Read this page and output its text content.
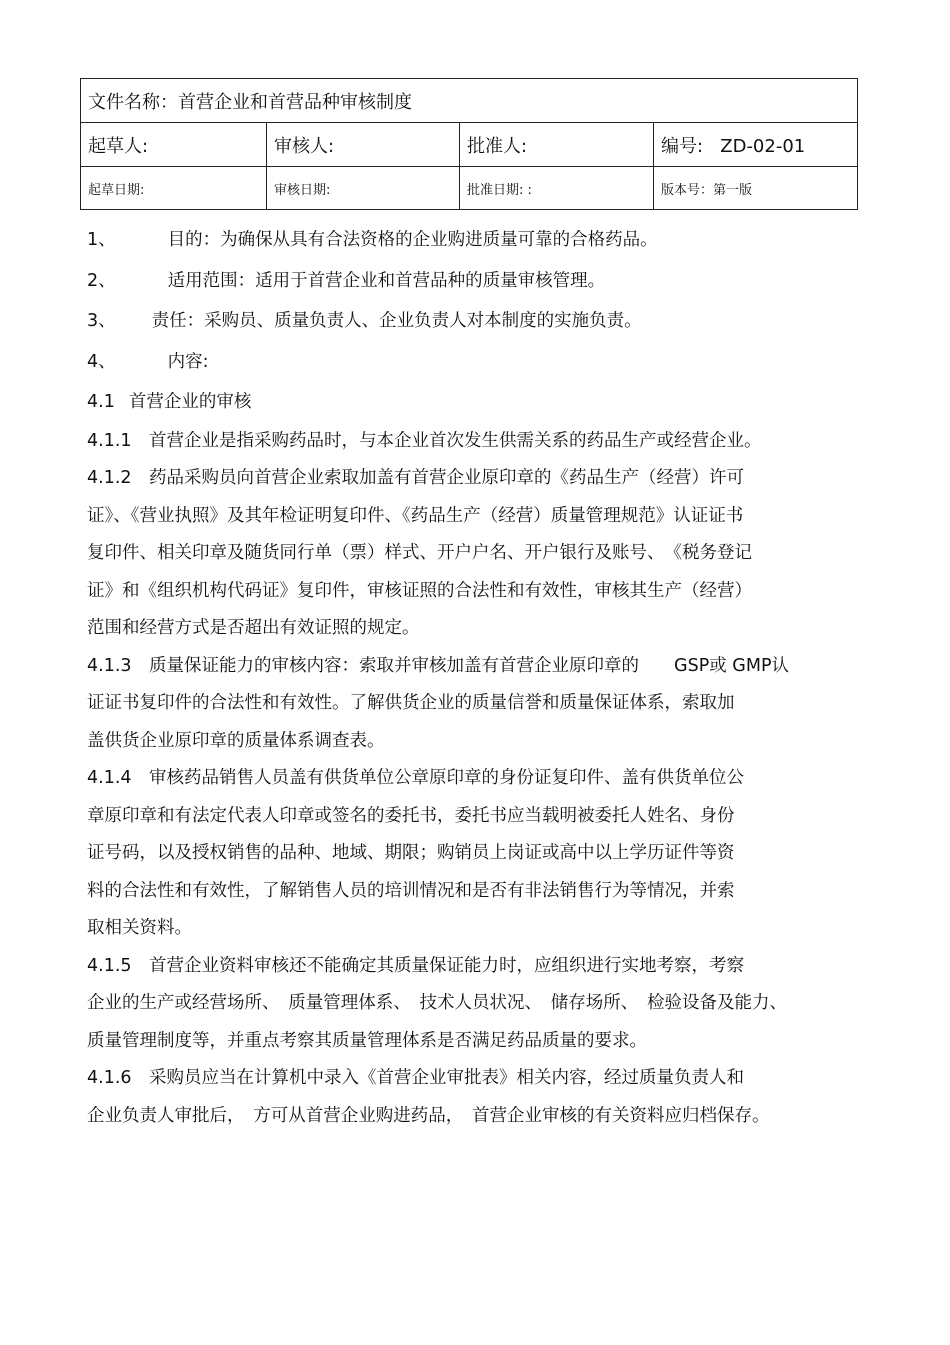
文件名称：首营企业和首营品种审核制度			
起草人:	审核人:	批准人:	编号: ZD-02-01
起草日期:	审核日期:	批准日期: :	版本号：第一版
1、	目的：为确保从具有合法资格的企业购进质量可靠的合格药品。
2、	适用范围：适用于首营企业和首营品种的质量审核管理。
3、 责任：采购员、质量负责人、企业负责人对本制度的实施负责。
4、	内容:
4.1 首营企业的审核
4.1.1　首营企业是指采购药品时，与本企业首次发生供需关系的药品生产或经营企业。
4.1.2　药品采购员向首营企业索取加盖有首营企业原印章的《药品生产（经营）许可
证》、《营业执照》及其年检证明复印件、《药品生产（经营）质量管理规范》认证证书
复印件、相关印章及随货同行单（票）样式、开户户名、开户银行及账号、　《税务登记
证》和《组织机构代码证》复印件，审核证照的合法性和有效性，审核其生产（经营）
范围和经营方式是否超出有效证照的规定。
4.1.3　质量保证能力的审核内容：索取并审核加盖有首营企业原印章的　　GSP或 GMP认
证证书复印件的合法性和有效性。了解供货企业的质量信誉和质量保证体系，索取加
盖供货企业原印章的质量体系调查表。
4.1.4　审核药品销售人员盖有供货单位公章原印章的身份证复印件、盖有供货单位公
章原印章和有法定代表人印章或签名的委托书，委托书应当载明被委托人姓名、身份
证号码，以及授权销售的品种、地域、期限；购销员上岗证或高中以上学历证件等资
料的合法性和有效性，了解销售人员的培训情况和是否有非法销售行为等情况，并索
取相关资料。
4.1.5　首营企业资料审核还不能确定其质量保证能力时，应组织进行实地考察，考察
企业的生产或经营场所、　质量管理体系、　技术人员状况、　储存场所、　检验设备及能力、
质量管理制度等，并重点考察其质量管理体系是否满足药品质量的要求。
4.1.6　采购员应当在计算机中录入《首营企业审批表》相关内容，经过质量负责人和
企业负责人审批后，　方可从首营企业购进药品，　首营企业审核的有关资料应归档保存。
